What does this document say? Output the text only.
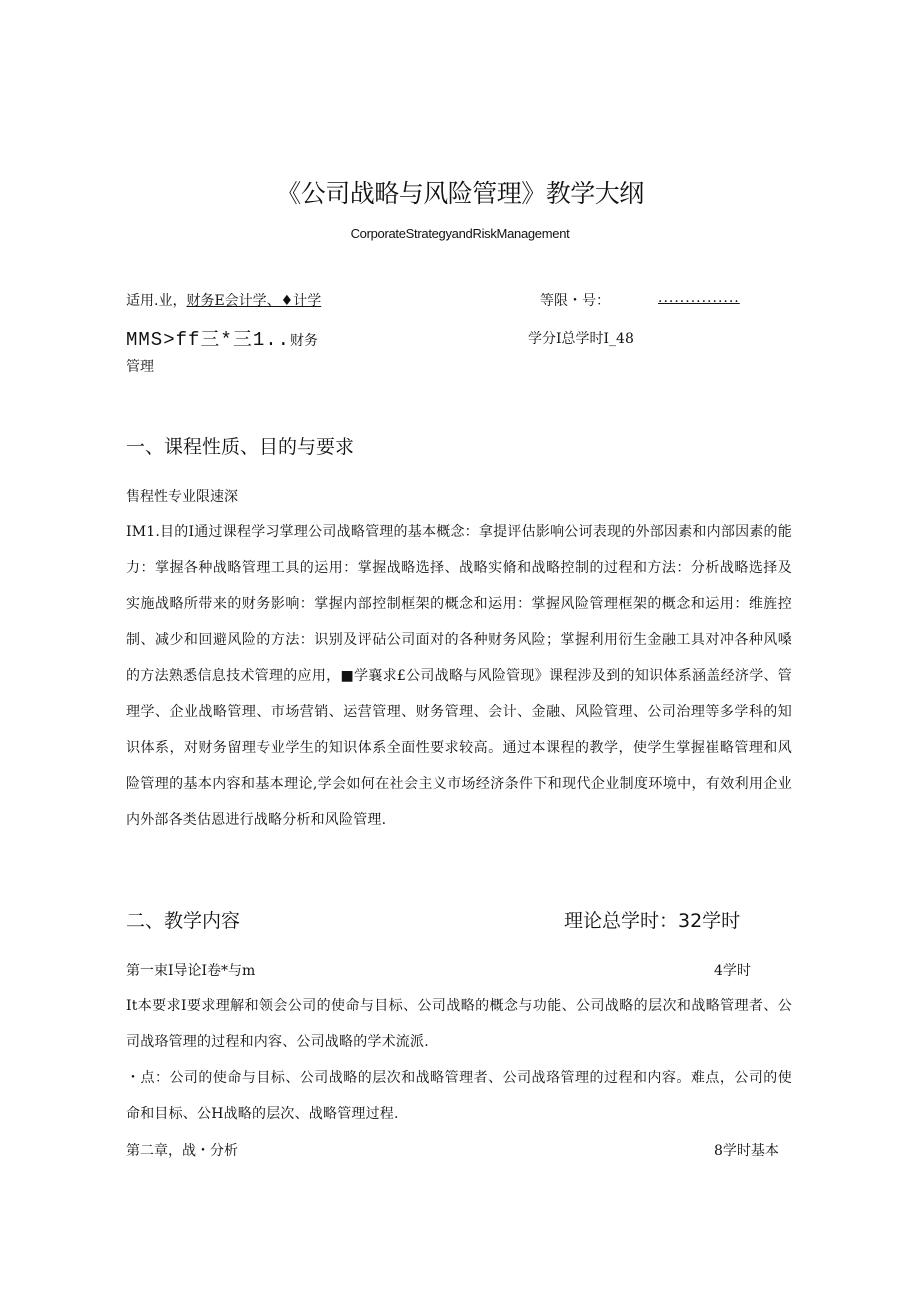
《公司战略与风险管理》教学大纲
CorporateStrategyandRiskManagement
适用.业，财务E会计学、♦计学	等限・号：	...............
MMS>ff三*三1..财务	学分I总学时I_48
管理
一、课程性质、目的与要求
售程性专业限速深
IM1.目的I通过课程学习掌理公司战略管理的基本概念：拿提评估影响公诃表现的外部因素和内部因素的能力：掌握各种战略管理工具的运用：掌握战略选择、战略实脩和战略控制的过程和方法：分析战略选择及实施战略所带来的财务影响：掌握内部控制框架的概念和运用：掌握风险管理框架的概念和运用：维旌控制、减少和回避风险的方法：识别及评砧公司面对的各种财务风险；掌握利用衍生金融工具对冲各种风嗓的方法熟悉信息技术管理的应用，■学襄求£公司战略与风险管现》课程涉及到的知识体系涵盖经济学、管理学、企业战略管理、市场营销、运营管理、财务管理、会计、金融、风险管理、公司治理等多学科的知识体系，对财务留理专业学生的知识体系全面性要求较高。通过本课程的教学，使学生掌握崔略管理和风险管理的基本内容和基本理论,学会如何在社会主义市场经济条件下和现代企业制度环境中，有效利用企业内外部各类估恩进行战略分析和风险管理.
二、教学内容	理论总学时：32学时
第一束I导论I卷*与m	4学时
It本要求I要求理解和领会公司的使命与目标、公司战略的概念与功能、公司战略的层次和战略管理者、公司战珞管理的过程和内容、公司战略的学术流派.
・点：公司的使命与目标、公司战略的层次和战略管理者、公司战珞管理的过程和内容。难点，公司的使命和目标、公H战略的层次、战略管理过程.
第二章，战・分析	8学时基本
